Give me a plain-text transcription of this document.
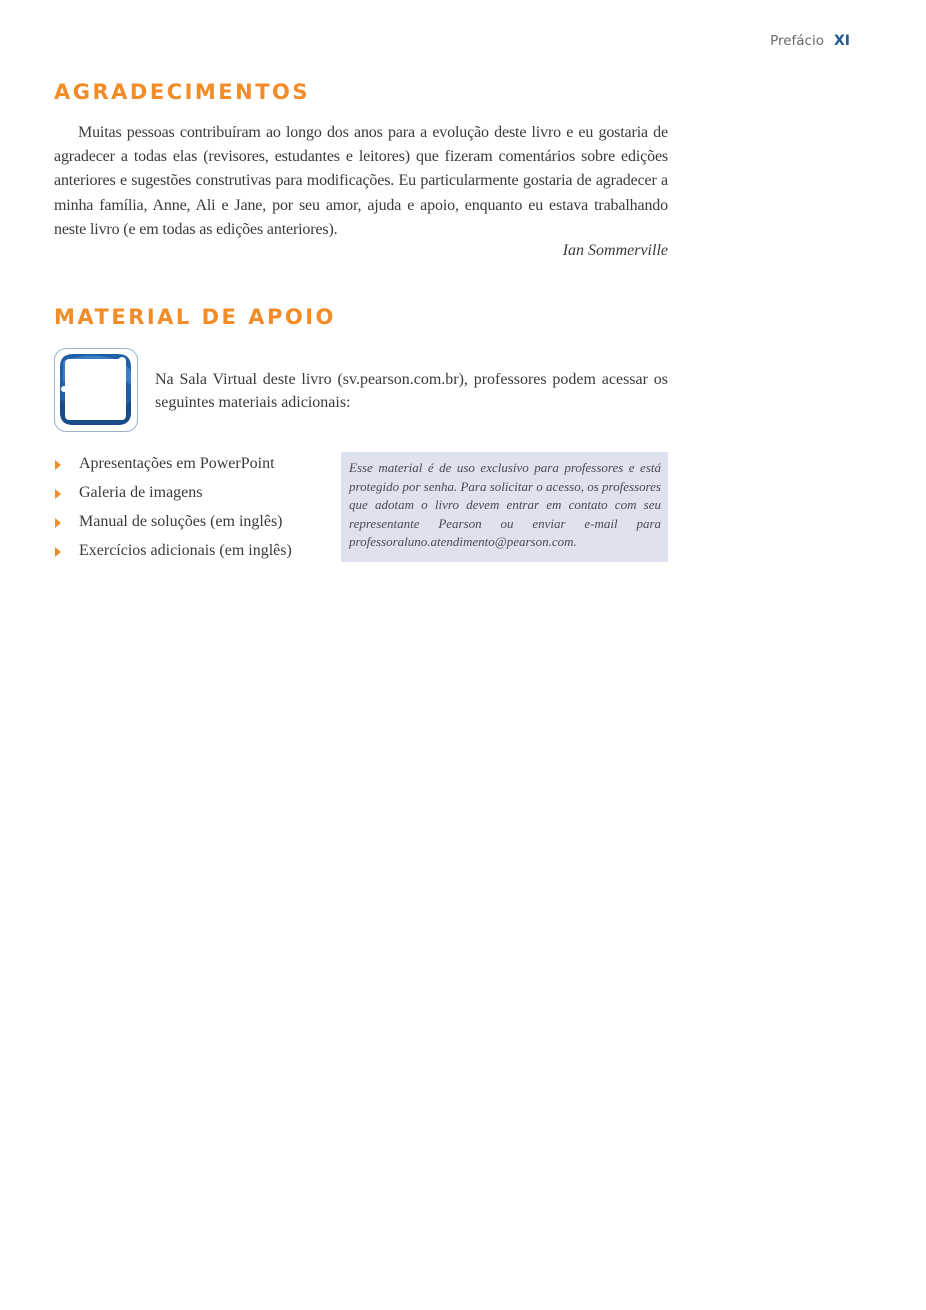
Prefácio XI
AGRADECIMENTOS

Muitas pessoas contribuíram ao longo dos anos para a evolução deste livro e eu gostaria de agradecer a todas elas (revisores, estudantes e leitores) que fizeram comentários sobre edições anteriores e sugestões construtivas para modificações. Eu particularmente gostaria de agradecer a minha família, Anne, Ali e Jane, por seu amor, ajuda e apoio, enquanto eu estava trabalhando neste livro (e em todas as edições anteriores).

Ian Sommerville
MATERIAL DE APOIO

Na Sala Virtual deste livro (sv.pearson.com.br), professores podem acessar os seguintes materiais adicionais:

Apresentações em PowerPoint
Galeria de imagens
Manual de soluções (em inglês)
Exercícios adicionais (em inglês)
Esse material é de uso exclusivo para professores e está protegido por senha. Para solicitar o acesso, os professores que adotam o livro devem entrar em contato com seu representante Pearson ou enviar e-mail para professoraluno.atendimento@pearson.com.
